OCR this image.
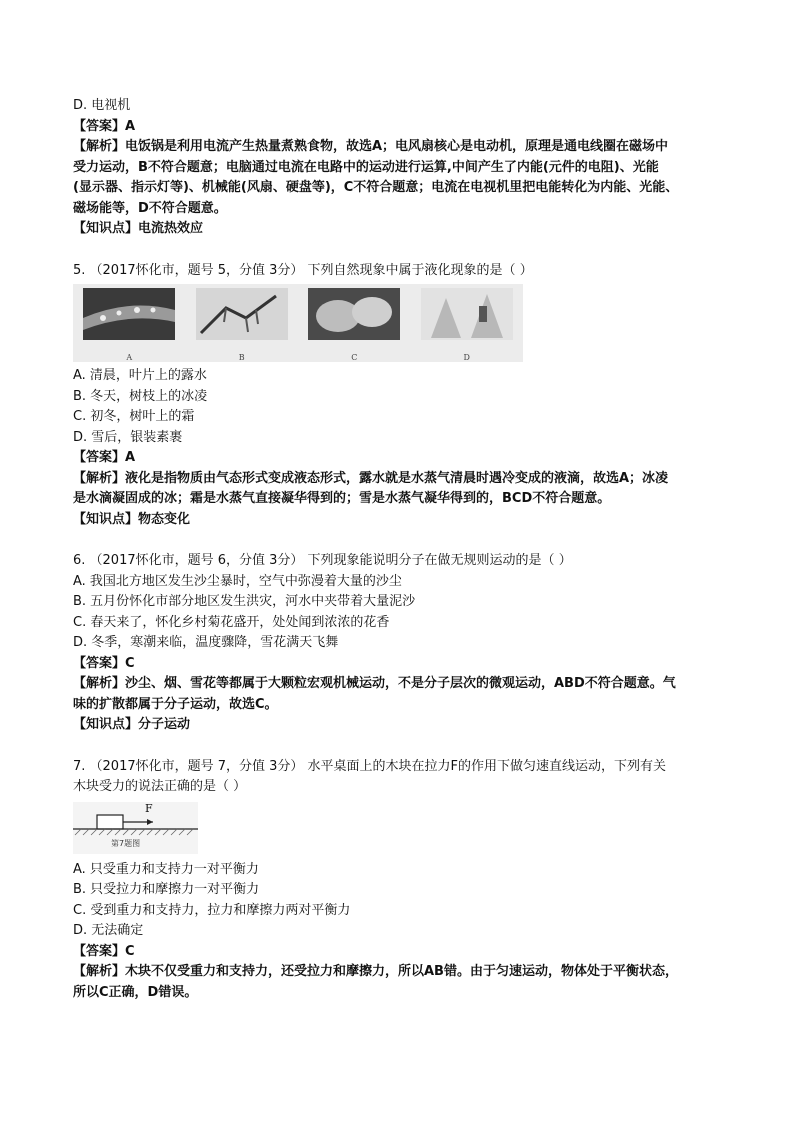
D. 电视机
【答案】A
【解析】电饭锅是利用电流产生热量煮熟食物，故选A；电风扇核心是电动机，原理是通电线圈在磁场中
受力运动，B不符合题意；电脑通过电流在电路中的运动进行运算,中间产生了内能(元件的电阻)、光能
(显示器、指示灯等)、机械能(风扇、硬盘等)，C不符合题意；电流在电视机里把电能转化为内能、光能、
磁场能等，D不符合题意。
【知识点】电流热效应
5. （2017怀化市，题号 5，分值 3分） 下列自然现象中属于液化现象的是（ ）
A	B	C	D
A. 清晨，叶片上的露水
B. 冬天，树枝上的冰凌
C. 初冬，树叶上的霜
D. 雪后，银装素裹
【答案】A
【解析】液化是指物质由气态形式变成液态形式，露水就是水蒸气清晨时遇冷变成的液滴，故选A；冰凌
是水滴凝固成的冰；霜是水蒸气直接凝华得到的；雪是水蒸气凝华得到的，BCD不符合题意。
【知识点】物态变化
6. （2017怀化市，题号 6，分值 3分） 下列现象能说明分子在做无规则运动的是（ ）
A. 我国北方地区发生沙尘暴时，空气中弥漫着大量的沙尘
B. 五月份怀化市部分地区发生洪灾，河水中夹带着大量泥沙
C. 春天来了，怀化乡村菊花盛开，处处闻到浓浓的花香
D. 冬季，寒潮来临，温度骤降，雪花满天飞舞
【答案】C
【解析】沙尘、烟、雪花等都属于大颗粒宏观机械运动，不是分子层次的微观运动，ABD不符合题意。气
味的扩散都属于分子运动，故选C。
【知识点】分子运动
7. （2017怀化市，题号 7，分值 3分） 水平桌面上的木块在拉力F的作用下做匀速直线运动，下列有关
木块受力的说法正确的是（ ）
F
第7题图
A. 只受重力和支持力一对平衡力
B. 只受拉力和摩擦力一对平衡力
C. 受到重力和支持力，拉力和摩擦力两对平衡力
D. 无法确定
【答案】C
【解析】木块不仅受重力和支持力，还受拉力和摩擦力，所以AB错。由于匀速运动，物体处于平衡状态，
所以C正确，D错误。
